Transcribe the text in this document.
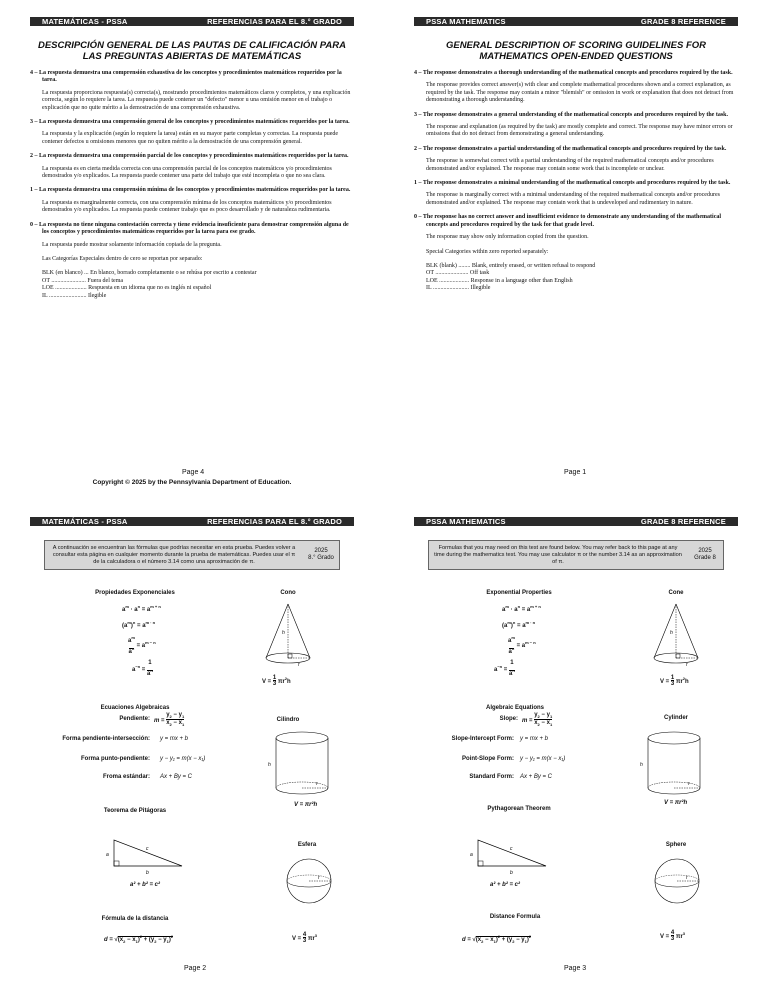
MATEMÁTICAS - PSSA	REFERENCIAS PARA EL 8.° GRADO
DESCRIPCIÓN GENERAL DE LAS PAUTAS DE CALIFICACIÓN PARA LAS PREGUNTAS ABIERTAS DE MATEMÁTICAS
4 – La respuesta demuestra una comprensión exhaustiva de los conceptos y procedimientos matemáticos requeridos por la tarea.
La respuesta proporciona respuesta(s) correcta(s), mostrando procedimientos matemáticos claros y completos, y una explicación correcta, según lo requiere la tarea. La respuesta puede contener un "defecto" menor u una omisión menor en el trabajo o explicación que no quite mérito a la demostración de una comprensión exhaustiva.
3 – La respuesta demuestra una comprensión general de los conceptos y procedimientos matemáticos requeridos por la tarea.
La respuesta y la explicación (según lo requiere la tarea) están en su mayor parte completas y correctas. La respuesta puede contener defectos u omisiones menores que no quiten mérito a la demostración de una comprensión general.
2 – La respuesta demuestra una comprensión parcial de los conceptos y procedimientos matemáticos requeridos por la tarea.
La respuesta es en cierta medida correcta con una comprensión parcial de los conceptos matemáticos y/o procedimientos demostrados y/o explicados. La respuesta puede contener una parte del trabajo que esté incompleta o que no sea clara.
1 – La respuesta demuestra una comprensión mínima de los conceptos y procedimientos matemáticos requeridos por la tarea.
La respuesta es marginalmente correcta, con una comprensión mínima de los conceptos matemáticos y/o procedimientos demostrados y/o explicados. La respuesta puede contener trabajo que es poco desarrollado y de naturaleza rudimentaria.
0 – La respuesta no tiene ninguna contestación correcta y tiene evidencia insuficiente para demostrar comprensión alguna de los conceptos y procedimientos matemáticos requeridos por la tarea para ese grado.
La respuesta puede mostrar solamente información copiada de la pregunta.
Las Categorías Especiales dentro de cero se reportan por separado:
BLK (en blanco) ... En blanco, borrado completamente o se rehúsa por escrito a contestar
OT ....................... Fuera del tema
LOE ..................... Respuesta en un idioma que no es inglés ni español
IL ......................... Ilegible
Page 4
Copyright © 2025 by the Pennsylvania Department of Education.
PSSA MATHEMATICS	GRADE 8 REFERENCE
GENERAL DESCRIPTION OF SCORING GUIDELINES FOR MATHEMATICS OPEN-ENDED QUESTIONS
4 – The response demonstrates a thorough understanding of the mathematical concepts and procedures required by the task.
The response provides correct answer(s) with clear and complete mathematical procedures shown and a correct explanation, as required by the task. The response may contain a minor "blemish" or omission in work or explanation that does not detract from demonstrating a thorough understanding.
3 – The response demonstrates a general understanding of the mathematical concepts and procedures required by the task.
The response and explanation (as required by the task) are mostly complete and correct. The response may have minor errors or omissions that do not detract from demonstrating a general understanding.
2 – The response demonstrates a partial understanding of the mathematical concepts and procedures required by the task.
The response is somewhat correct with a partial understanding of the required mathematical concepts and/or procedures demonstrated and/or explained. The response may contain some work that is incomplete or unclear.
1 – The response demonstrates a minimal understanding of the mathematical concepts and procedures required by the task.
The response is marginally correct with a minimal understanding of the required mathematical concepts and/or procedures demonstrated and/or explained. The response may contain work that is undeveloped and rudimentary in nature.
0 – The response has no correct answer and insufficient evidence to demonstrate any understanding of the mathematical concepts and procedures required by the task for that grade level.
The response may show only information copied from the question.
Special Categories within zero reported separately:
BLK (blank) ........ Blank, entirely erased, or written refusal to respond
OT ...................... Off task
LOE .................... Response in a language other than English
IL ........................ Illegible
Page 1
MATEMÁTICAS - PSSA	REFERENCIAS PARA EL 8.° GRADO
A continuación se encuentran las fórmulas que podrías necesitar en esta prueba. Puedes volver a consultar esta página en cualquier momento durante la prueba de matemáticas. Puedes usar el π de la calculadora o el número 3.14 como una aproximación de π.
2025
8.° Grado
Propiedades Exponenciales
$a^m \cdot a^n = a^{m + n}$
$(a^m)^n = a^{m \cdot n}$
$a^m$
$a^n = a^{m - n}$
$a^{-n} = 1$
$a^n$
Cono
h
r
V = 1
3 $\pi r^2h$
Ecuaciones Algebraicas
Pendiente: $m = y_2 - y_1$
$x_2 - x_1$
Forma pendiente-intersección: y = mx + b
Forma punto-pendiente: y − y₁ = m(x − x₁)
Froma estándar: Ax + By = C
Cilindro
h
r
V = πr²h
Teorema de Pitágoras
a
c
b
a² + b² = c²
Esfera
r
V = 4
3 $\pi r^3$
Fórmula de la distancia
$d = √(x_2 - x_1)^2 + (y_2 - y_1)^2$
Page 2
PSSA MATHEMATICS	GRADE 8 REFERENCE
Formulas that you may need on this test are found below. You may refer back to this page at any time during the mathematics test. You may use calculator π or the number 3.14 as an approximation of π.
2025
Grade 8
Exponential Properties
$a^m \cdot a^n = a^{m + n}$
$(a^m)^n = a^{m \cdot n}$
$a^m$
$a^n = a^{m - n}$
$a^{-n} = 1$
$a^n$
Cone
h
r
V = 1
3 $\pi r^2h$
Algebraic Equations
Slope: $m = y_2 - y_1$
$x_2 - x_1$
Slope-Intercept Form: y = mx + b
Point-Slope Form: y − y₁ = m(x − x₁)
Standard Form: Ax + By = C
Cylinder
h
r
V = πr²h
Pythagorean Theorem
a
c
b
a² + b² = c²
Sphere
r
V = 4
3 $\pi r^3$
Distance Formula
$d = √(x_2 - x_1)^2 + (y_2 - y_1)^2$
Page 3
